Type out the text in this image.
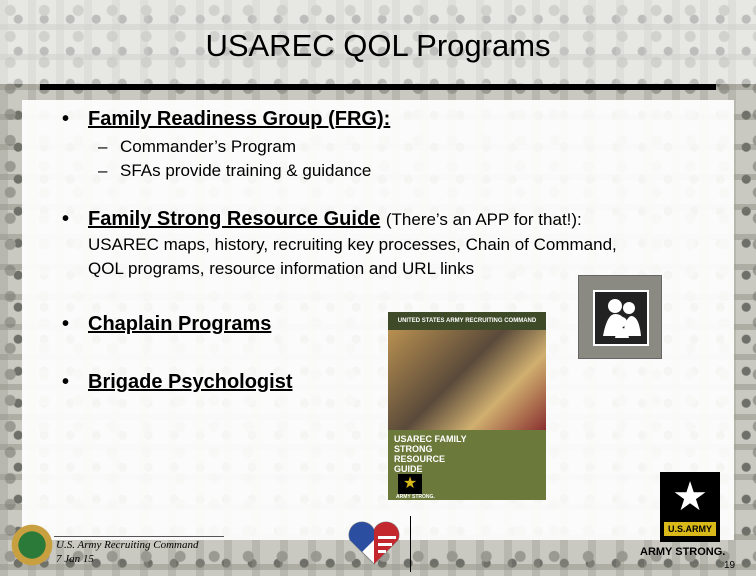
USAREC QOL Programs
• Family Readiness Group (FRG):
– Commander’s Program
– SFAs provide training & guidance
• Family Strong Resource Guide (There’s an APP for that!):
USAREC maps, history, recruiting key processes, Chain of Command,
QOL programs, resource information and URL links
• Chaplain Programs
• Brigade Psychologist
UNITED STATES ARMY RECRUITING COMMAND
USAREC FAMILY STRONG RESOURCE GUIDE
★
ARMY STRONG.	★
U.S.ARMY
ARMY STRONG.
19
U.S. Army Recruiting Command
7 Jan 15
